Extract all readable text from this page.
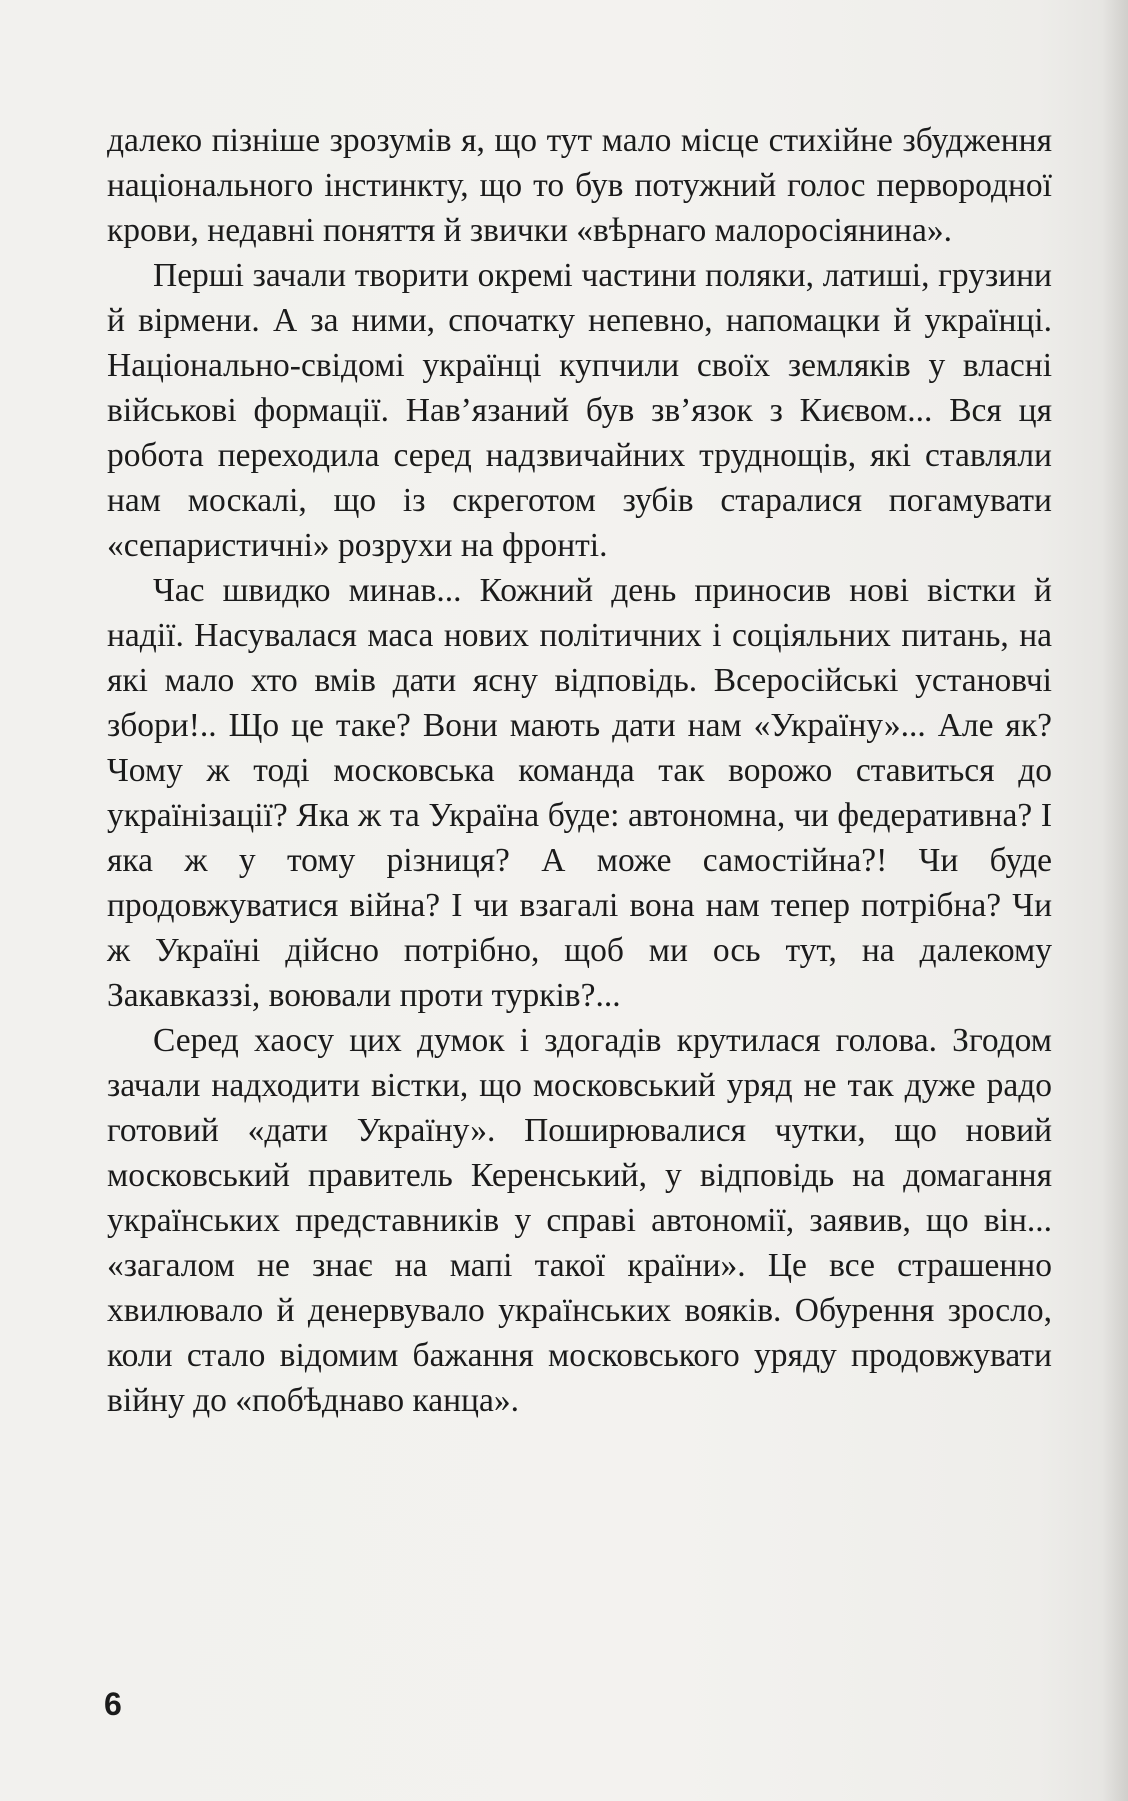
далеко пізніше зрозумів я, що тут мало місце стихійне збудження національного інстинкту, що то був потужний голос первородної крови, недавні поняття й звички «вѣрнаго малоросіянина».

Перші зачали творити окремі частини поляки, латиші, грузини й вірмени. А за ними, спочатку непевно, напомацки й українці. Національно-свідомі українці купчили своїх земляків у власні військові формації. Нав’язаний був зв’язок з Києвом... Вся ця робота переходила серед надзвичайних труднощів, які ставляли нам москалі, що із скреготом зубів старалися погамувати «сепаристичні» розрухи на фронті.

Час швидко минав... Кожний день приносив нові вістки й надії. Насувалася маса нових політичних і соціяльних питань, на які мало хто вмів дати ясну відповідь. Всеросійські установчі збори!.. Що це таке? Вони мають дати нам «Україну»... Але як? Чому ж тоді московська команда так ворожо ставиться до українізації? Яка ж та Україна буде: автономна, чи федеративна? І яка ж у тому різниця? А може самостійна?! Чи буде продовжуватися війна? І чи взагалі вона нам тепер потрібна? Чи ж Україні дійсно потрібно, щоб ми ось тут, на далекому Закавказзі, воювали проти турків?...

Серед хаосу цих думок і здогадів крутилася голова. Згодом зачали надходити вістки, що московський уряд не так дуже радо готовий «дати Україну». Поширювалися чутки, що новий московський правитель Керенський, у відповідь на домагання українських представників у справі автономії, заявив, що він... «загалом не знає на мапі такої країни». Це все страшенно хвилювало й денервувало українських вояків. Обурення зросло, коли стало відомим бажання московського уряду продовжувати війну до «побѣднаво канца».

6
